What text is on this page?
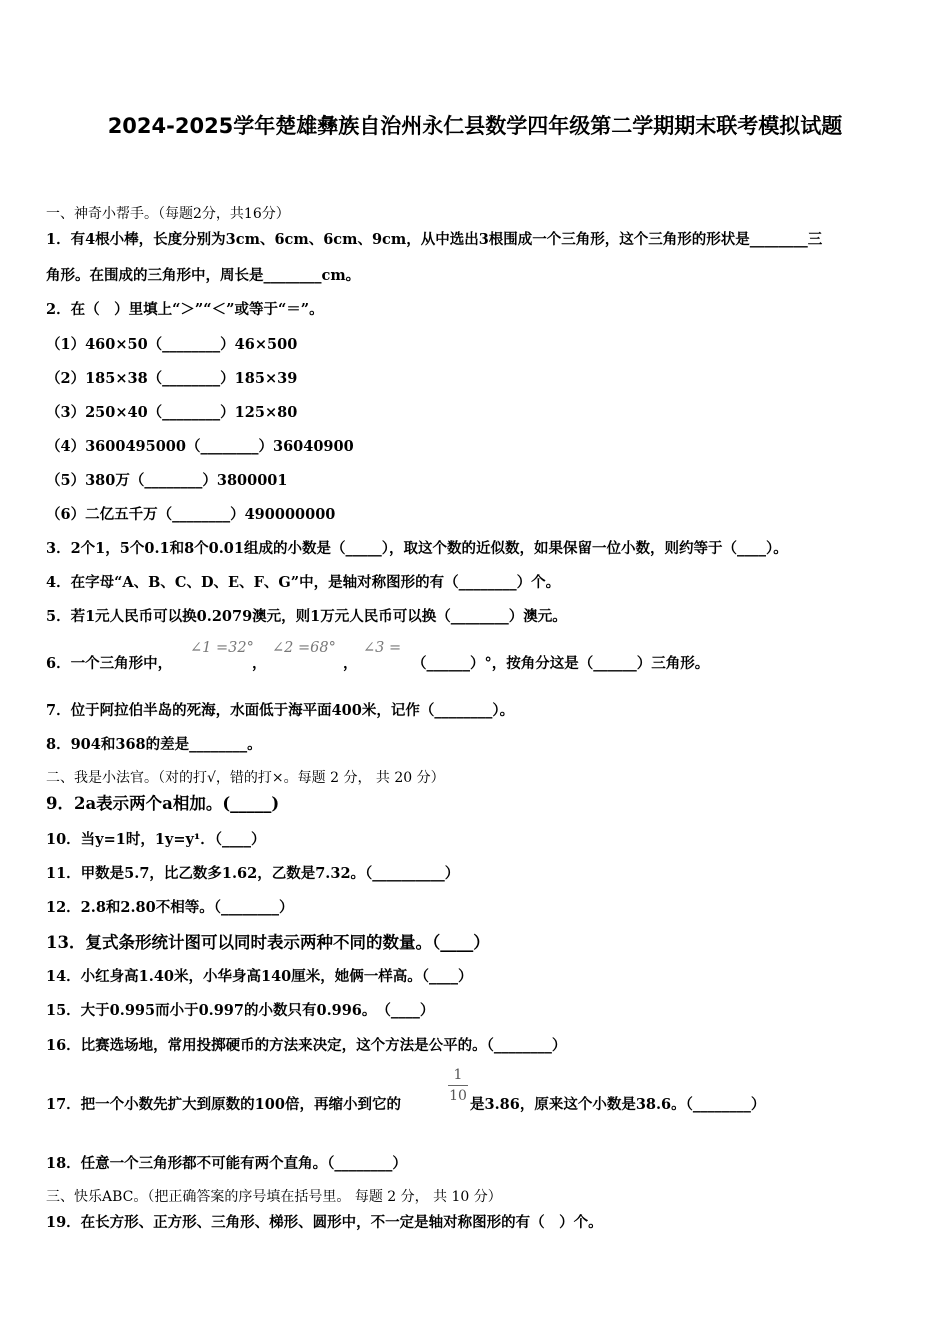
2024-2025学年楚雄彝族自治州永仁县数学四年级第二学期期末联考模拟试题
一、神奇小帮手。（每题2分，共16分）
1．有4根小棒，长度分别为3cm、6cm、6cm、9cm，从中选出3根围成一个三角形，这个三角形的形状是________三
角形。在围成的三角形中，周长是________cm。
2．在（　）里填上“＞”“＜”或等于“＝”。
（1）460×50（________）46×500
（2）185×38（________）185×39
（3）250×40（________）125×80
（4）3600495000（________）36040900
（5）380万（________）3800001
（6）二亿五千万（________）490000000
3．2个1，5个0.1和8个0.01组成的小数是（_____），取这个数的近似数，如果保留一位小数，则约等于（____）。
4．在字母“A、B、C、D、E、F、G”中，是轴对称图形的有（________）个。
5．若1元人民币可以换0.2079澳元，则1万元人民币可以换（________）澳元。
6．一个三角形中，
∠1 =32°
，
∠2 =68°
，
∠3 =
（______）°，按角分这是（______）三角形。
7．位于阿拉伯半岛的死海，水面低于海平面400米，记作（________）。
8．904和368的差是________。
二、我是小法官。（对的打√，错的打×。每题 2 分， 共 20 分）
9．2a表示两个a相加。(_____)
10．当y=1时，1y=y¹．（____）
11．甲数是5.7，比乙数多1.62，乙数是7.32。（__________）
12．2.8和2.80不相等。（________）
13．复式条形统计图可以同时表示两种不同的数量。（____）
14．小红身高1.40米，小华身高140厘米，她俩一样高。（____）
15．大于0.995而小于0.997的小数只有0.996。　（____）
16．比赛选场地，常用投掷硬币的方法来决定，这个方法是公平的。（________）
17．把一个小数先扩大到原数的100倍，再缩小到它的
1
10 是3.86，原来这个小数是38.6。（________）
18．任意一个三角形都不可能有两个直角。（________）
三、快乐ABC。（把正确答案的序号填在括号里。 每题 2 分， 共 10 分）
19．在长方形、正方形、三角形、梯形、圆形中，不一定是轴对称图形的有（　）个。
